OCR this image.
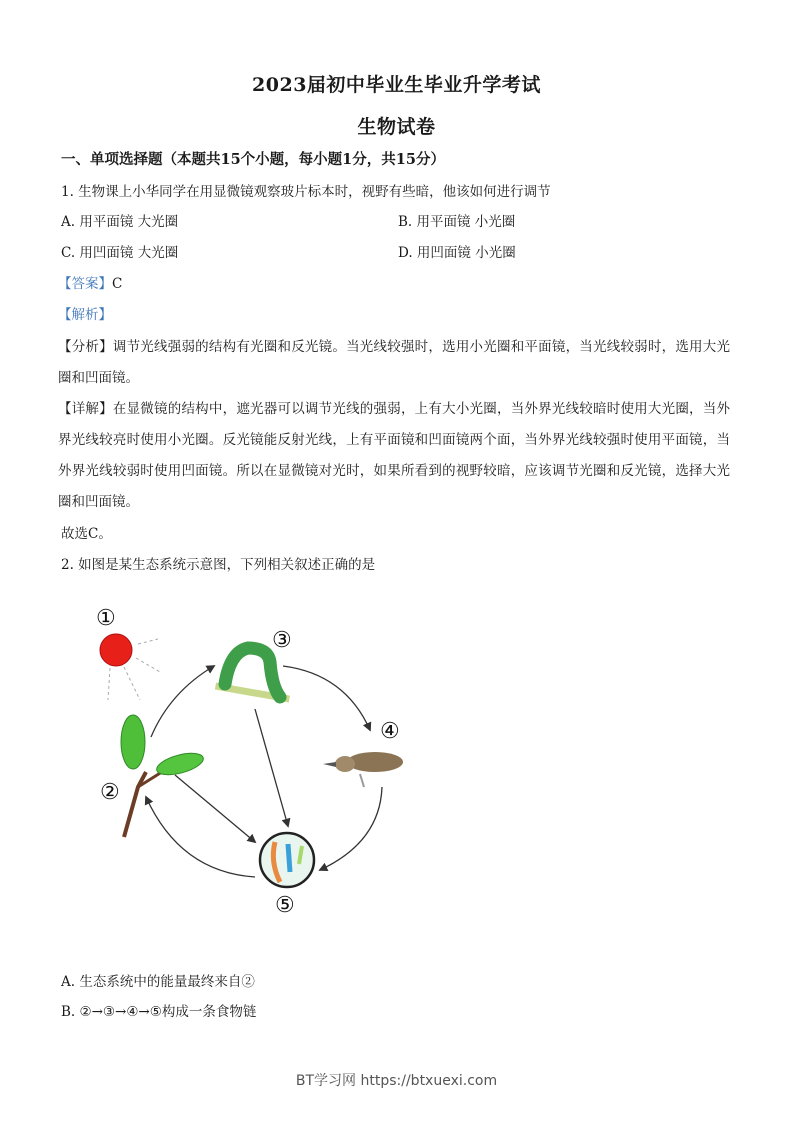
2023届初中毕业生毕业升学考试
生物试卷
一、单项选择题（本题共15个小题，每小题1分，共15分）
1. 生物课上小华同学在用显微镜观察玻片标本时，视野有些暗，他该如何进行调节
A. 用平面镜 大光圈	B. 用平面镜 小光圈
C. 用凹面镜 大光圈	D. 用凹面镜 小光圈
【答案】C
【解析】
【分析】调节光线强弱的结构有光圈和反光镜。当光线较强时，选用小光圈和平面镜，当光线较弱时，选用大光圈和凹面镜。
【详解】在显微镜的结构中，遮光器可以调节光线的强弱，上有大小光圈，当外界光线较暗时使用大光圈，当外界光线较亮时使用小光圈。反光镜能反射光线，上有平面镜和凹面镜两个面，当外界光线较强时使用平面镜，当外界光线较弱时使用凹面镜。所以在显微镜对光时，如果所看到的视野较暗，应该调节光圈和反光镜，选择大光圈和凹面镜。
故选C。
2. 如图是某生态系统示意图，下列相关叙述正确的是
①
②
③
④
⑤
A. 生态系统中的能量最终来自②
B. ②→③→④→⑤构成一条食物链
BT学习网 https://btxuexi.com
